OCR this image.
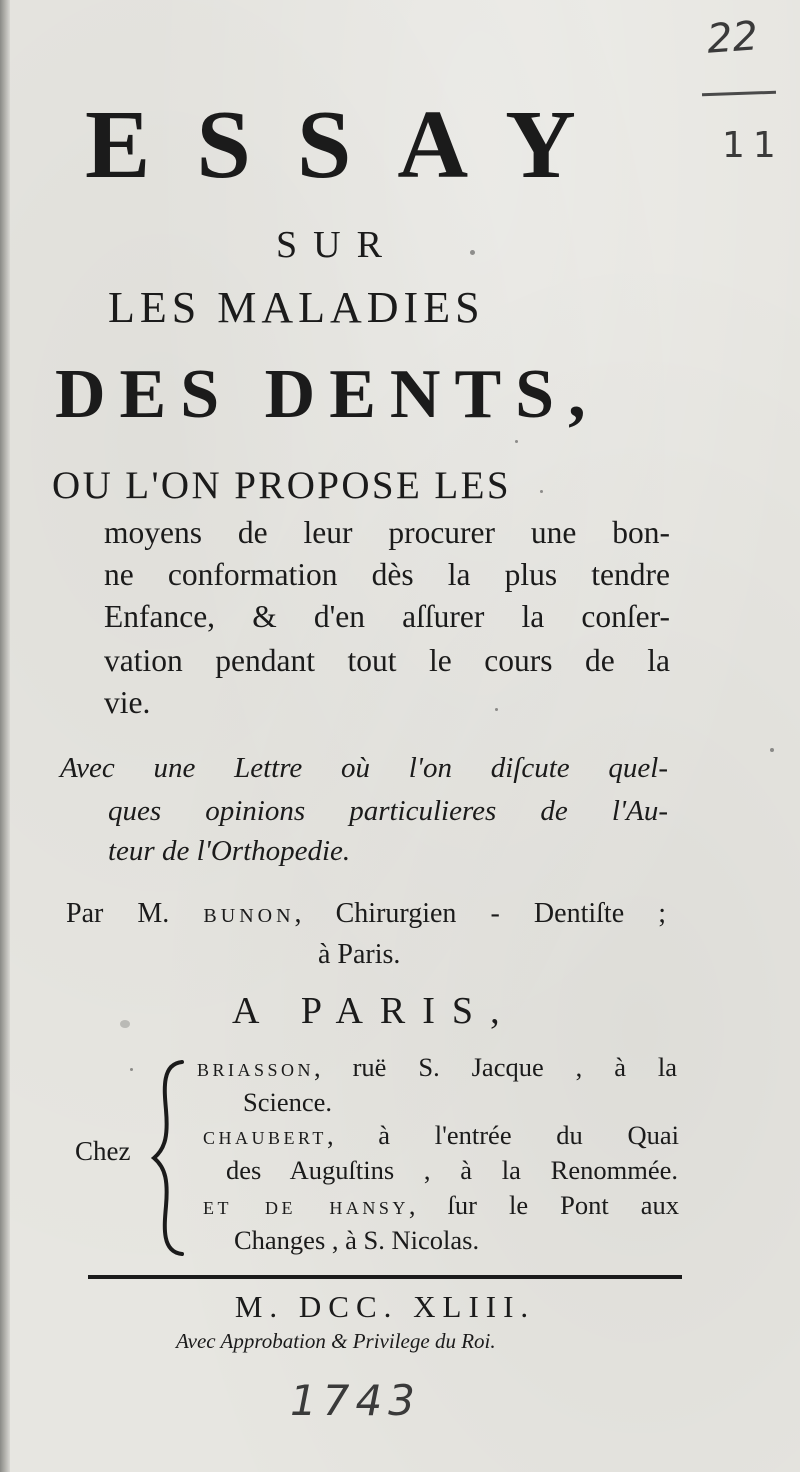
22
11
ESSAY
SUR
LES MALADIES
DES DENTS,
OU L'ON PROPOSE LES
moyens de leur procurer une bon-
ne conformation dès la plus tendre
Enfance, & d'en aſſurer la conſer-
vation pendant tout le cours de la
vie.
Avec une Lettre où l'on diſcute quel-
ques opinions particulieres de l'Au-
teur de l'Orthopedie.
Par M. BUNON, Chirurgien - Dentiſte ;
à Paris.
A PARIS,
Chez
BRIASSON, ruë S. Jacque , à la
Science.
CHAUBERT, à l'entrée du Quai
des Auguſtins , à la Renommée.
ET DE HANSY, ſur le Pont aux
Changes , à S. Nicolas.
M. DCC. XLIII.
Avec Approbation & Privilege du Roi.
1743
